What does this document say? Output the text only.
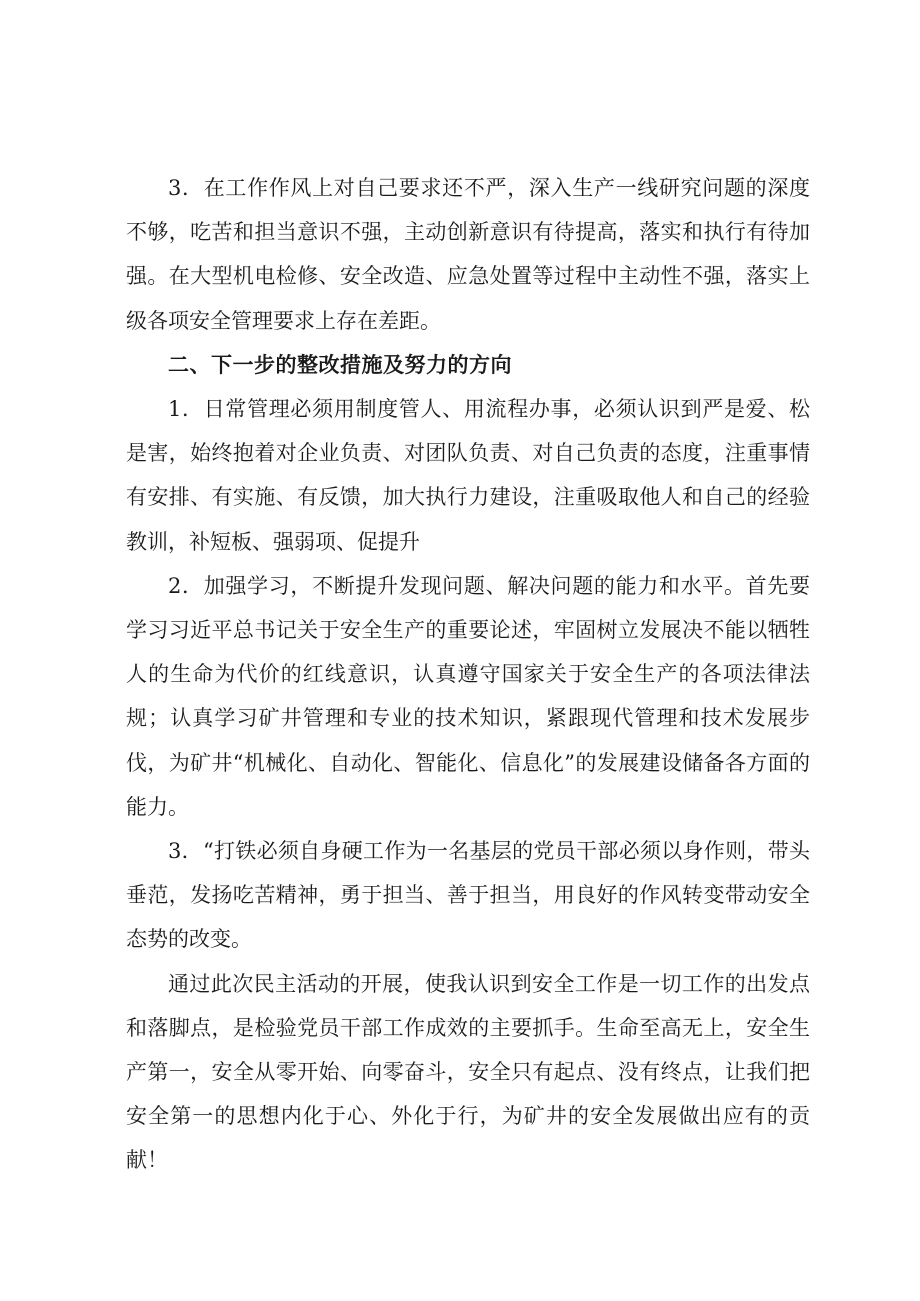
3．在工作作风上对自己要求还不严，深入生产一线研究问题的深度不够，吃苦和担当意识不强，主动创新意识有待提高，落实和执行有待加强。在大型机电检修、安全改造、应急处置等过程中主动性不强，落实上级各项安全管理要求上存在差距。

二、下一步的整改措施及努力的方向

1．日常管理必须用制度管人、用流程办事，必须认识到严是爱、松是害，始终抱着对企业负责、对团队负责、对自己负责的态度，注重事情有安排、有实施、有反馈，加大执行力建设，注重吸取他人和自己的经验教训，补短板、强弱项、促提升

2．加强学习，不断提升发现问题、解决问题的能力和水平。首先要学习习近平总书记关于安全生产的重要论述，牢固树立发展决不能以牺牲人的生命为代价的红线意识，认真遵守国家关于安全生产的各项法律法规；认真学习矿井管理和专业的技术知识，紧跟现代管理和技术发展步伐，为矿井“机械化、自动化、智能化、信息化”的发展建设储备各方面的能力。

3．“打铁必须自身硬工作为一名基层的党员干部必须以身作则，带头垂范，发扬吃苦精神，勇于担当、善于担当，用良好的作风转变带动安全态势的改变。

通过此次民主活动的开展，使我认识到安全工作是一切工作的出发点和落脚点，是检验党员干部工作成效的主要抓手。生命至高无上，安全生产第一，安全从零开始、向零奋斗，安全只有起点、没有终点，让我们把安全第一的思想内化于心、外化于行，为矿井的安全发展做出应有的贡献！
